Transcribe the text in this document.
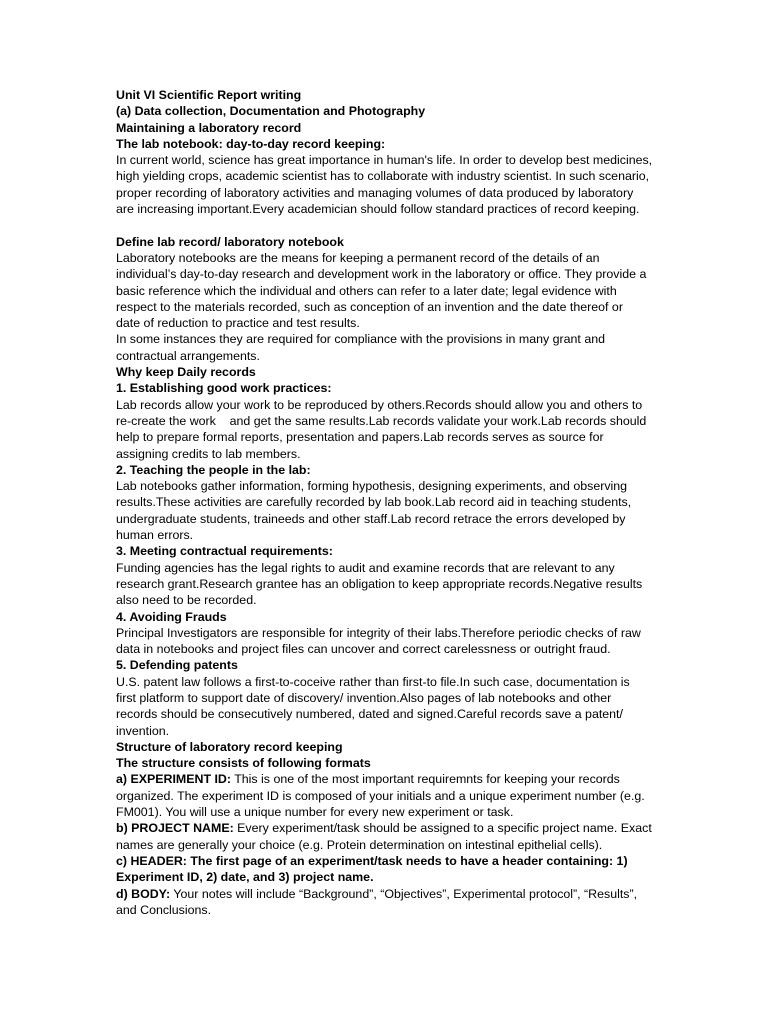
Unit VI Scientific Report writing
(a) Data collection, Documentation and Photography
Maintaining a laboratory record
The lab notebook: day-to-day record keeping:
In current world, science has great importance in human's life. In order to develop best medicines,
high yielding crops, academic scientist has to collaborate with industry scientist. In such scenario,
proper recording of laboratory activities and managing volumes of data produced by laboratory
are increasing important.Every academician should follow standard practices of record keeping.
Define lab record/ laboratory notebook
Laboratory notebooks are the means for keeping a permanent record of the details of an
individual’s day-to-day research and development work in the laboratory or office. They provide a
basic reference which the individual and others can refer to a later date; legal evidence with
respect to the materials recorded, such as conception of an invention and the date thereof or
date of reduction to practice and test results.
In some instances they are required for compliance with the provisions in many grant and
contractual arrangements.
Why keep Daily records
1. Establishing good work practices:
Lab records allow your work to be reproduced by others.Records should allow you and others to
re-create the work    and get the same results.Lab records validate your work.Lab records should
help to prepare formal reports, presentation and papers.Lab records serves as source for
assigning credits to lab members.
2. Teaching the people in the lab:
Lab notebooks gather information, forming hypothesis, designing experiments, and observing
results.These activities are carefully recorded by lab book.Lab record aid in teaching students,
undergraduate students, traineeds and other staff.Lab record retrace the errors developed by
human errors.
3. Meeting contractual requirements:
Funding agencies has the legal rights to audit and examine records that are relevant to any
research grant.Research grantee has an obligation to keep appropriate records.Negative results
also need to be recorded.
4. Avoiding Frauds
Principal Investigators are responsible for integrity of their labs.Therefore periodic checks of raw
data in notebooks and project files can uncover and correct carelessness or outright fraud.
5. Defending patents
U.S. patent law follows a first-to-coceive rather than first-to file.In such case, documentation is
first platform to support date of discovery/ invention.Also pages of lab notebooks and other
records should be consecutively numbered, dated and signed.Careful records save a patent/
invention.
Structure of laboratory record keeping
The structure consists of following formats
a) EXPERIMENT ID: This is one of the most important requiremnts for keeping your records
organized. The experiment ID is composed of your initials and a unique experiment number (e.g.
FM001). You will use a unique number for every new experiment or task.
b) PROJECT NAME: Every experiment/task should be assigned to a specific project name. Exact
names are generally your choice (e.g. Protein determination on intestinal epithelial cells).
c) HEADER: The first page of an experiment/task needs to have a header containing: 1)
Experiment ID, 2) date, and 3) project name.
d) BODY: Your notes will include “Background”, “Objectives”, Experimental protocol”, “Results”,
and Conclusions.
